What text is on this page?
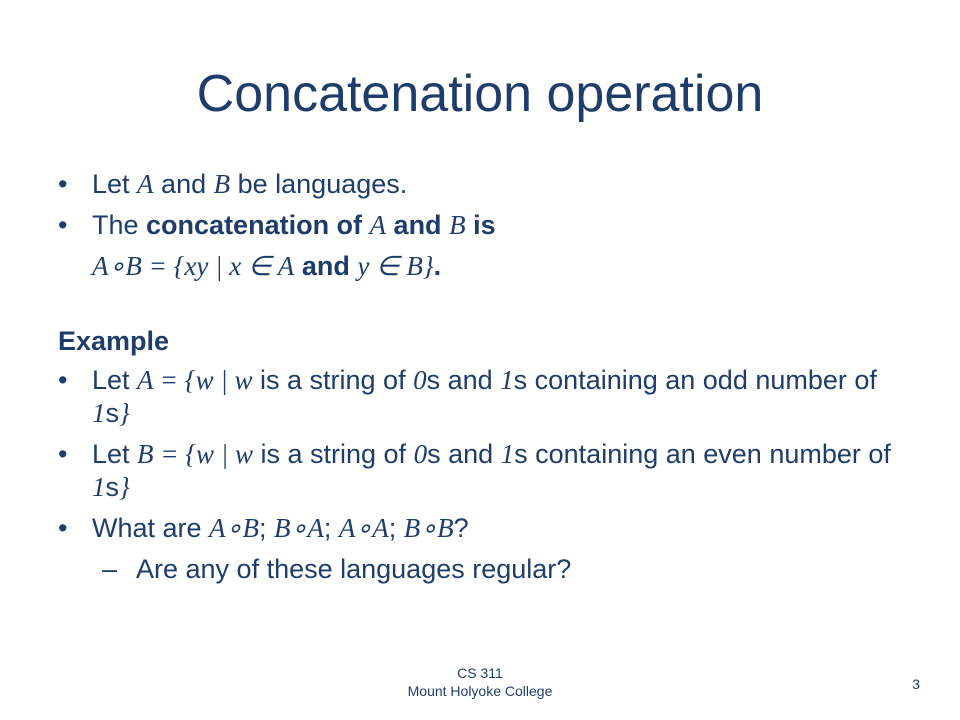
Concatenation operation
• Let A and B be languages.
• The concatenation of A and B is
A∘B = {xy | x ∈ A and y ∈ B}.
Example
• Let A = {w | w is a string of 0s and 1s containing an odd number of 1s}
• Let B = {w | w is a string of 0s and 1s containing an even number of 1s}
• What are A∘B; B∘A; A∘A; B∘B?
– Are any of these languages regular?
CS 311
Mount Holyoke College	3
